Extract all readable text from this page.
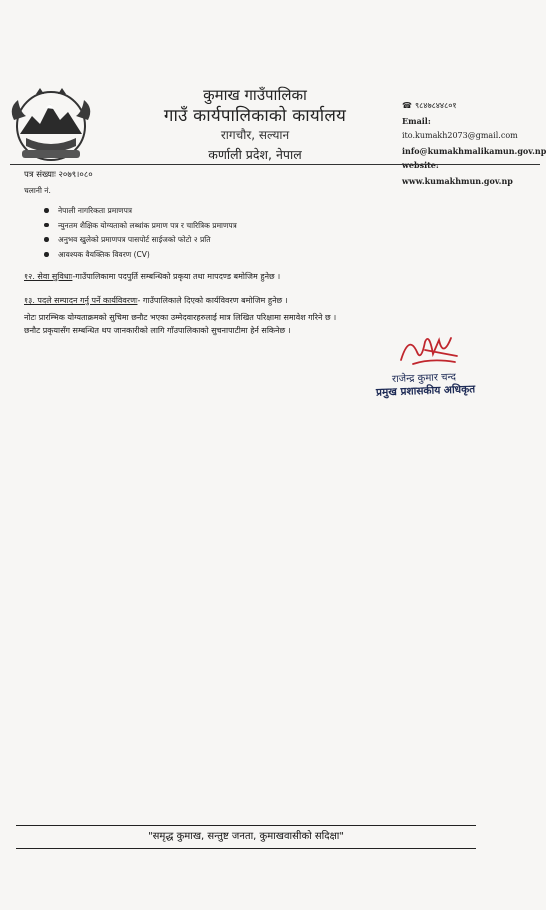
कुमाख गाउँपालिका
गाउँ कार्यपालिकाको कार्यालय
रागचौर, सल्यान
कर्णाली प्रदेश, नेपाल
☎ ९८४७८४४८०१
Email: ito.kumakh2073@gmail.com
info@kumakhmalikamun.gov.np
website: www.kumakhmun.gov.np
पत्र संख्याः २०७९।०८०
चलानी नं.
नेपाली नागरिकता प्रमाणपत्र
न्युनतम शैक्षिक योग्यताको लब्धांक प्रमाण पत्र र चारित्रिक प्रमाणपत्र
अनुभव खुलेको प्रमाणपत्र पासपोर्ट साईजको फोटो २ प्रति
आवश्यक वैयक्तिक विवरण (CV)
१२. सेवा सुविधाः-गाउँपालिकामा पदपुर्ति सम्बन्धिको प्रकृया तथा मापदण्ड बमोजिम हुनेछ ।
१३. पदले सम्पादन गर्नु पर्ने कार्यविवरणः- गाउँपालिकाले दिएको कार्यविवरण बमोजिम हुनेछ ।
नोटः प्रारम्भिक योग्यताक्रमको सुचिमा छनौट भएका उम्मेदवारहरुलाई मात्र लिखित परिक्षामा समावेश गरिने छ ।
छनौट प्रकृयासँग सम्बन्धित थप जानकारीको लागि गाँउपालिकाको सुचनापाटीमा हेर्न सकिनेछ ।
राजेन्द्र कुमार चन्द
प्रमुख प्रशासकीय अधिकृत
"समृद्ध कुमाख, सन्तुष्ट जनता, कुमाखवासीको सदिक्षा"
